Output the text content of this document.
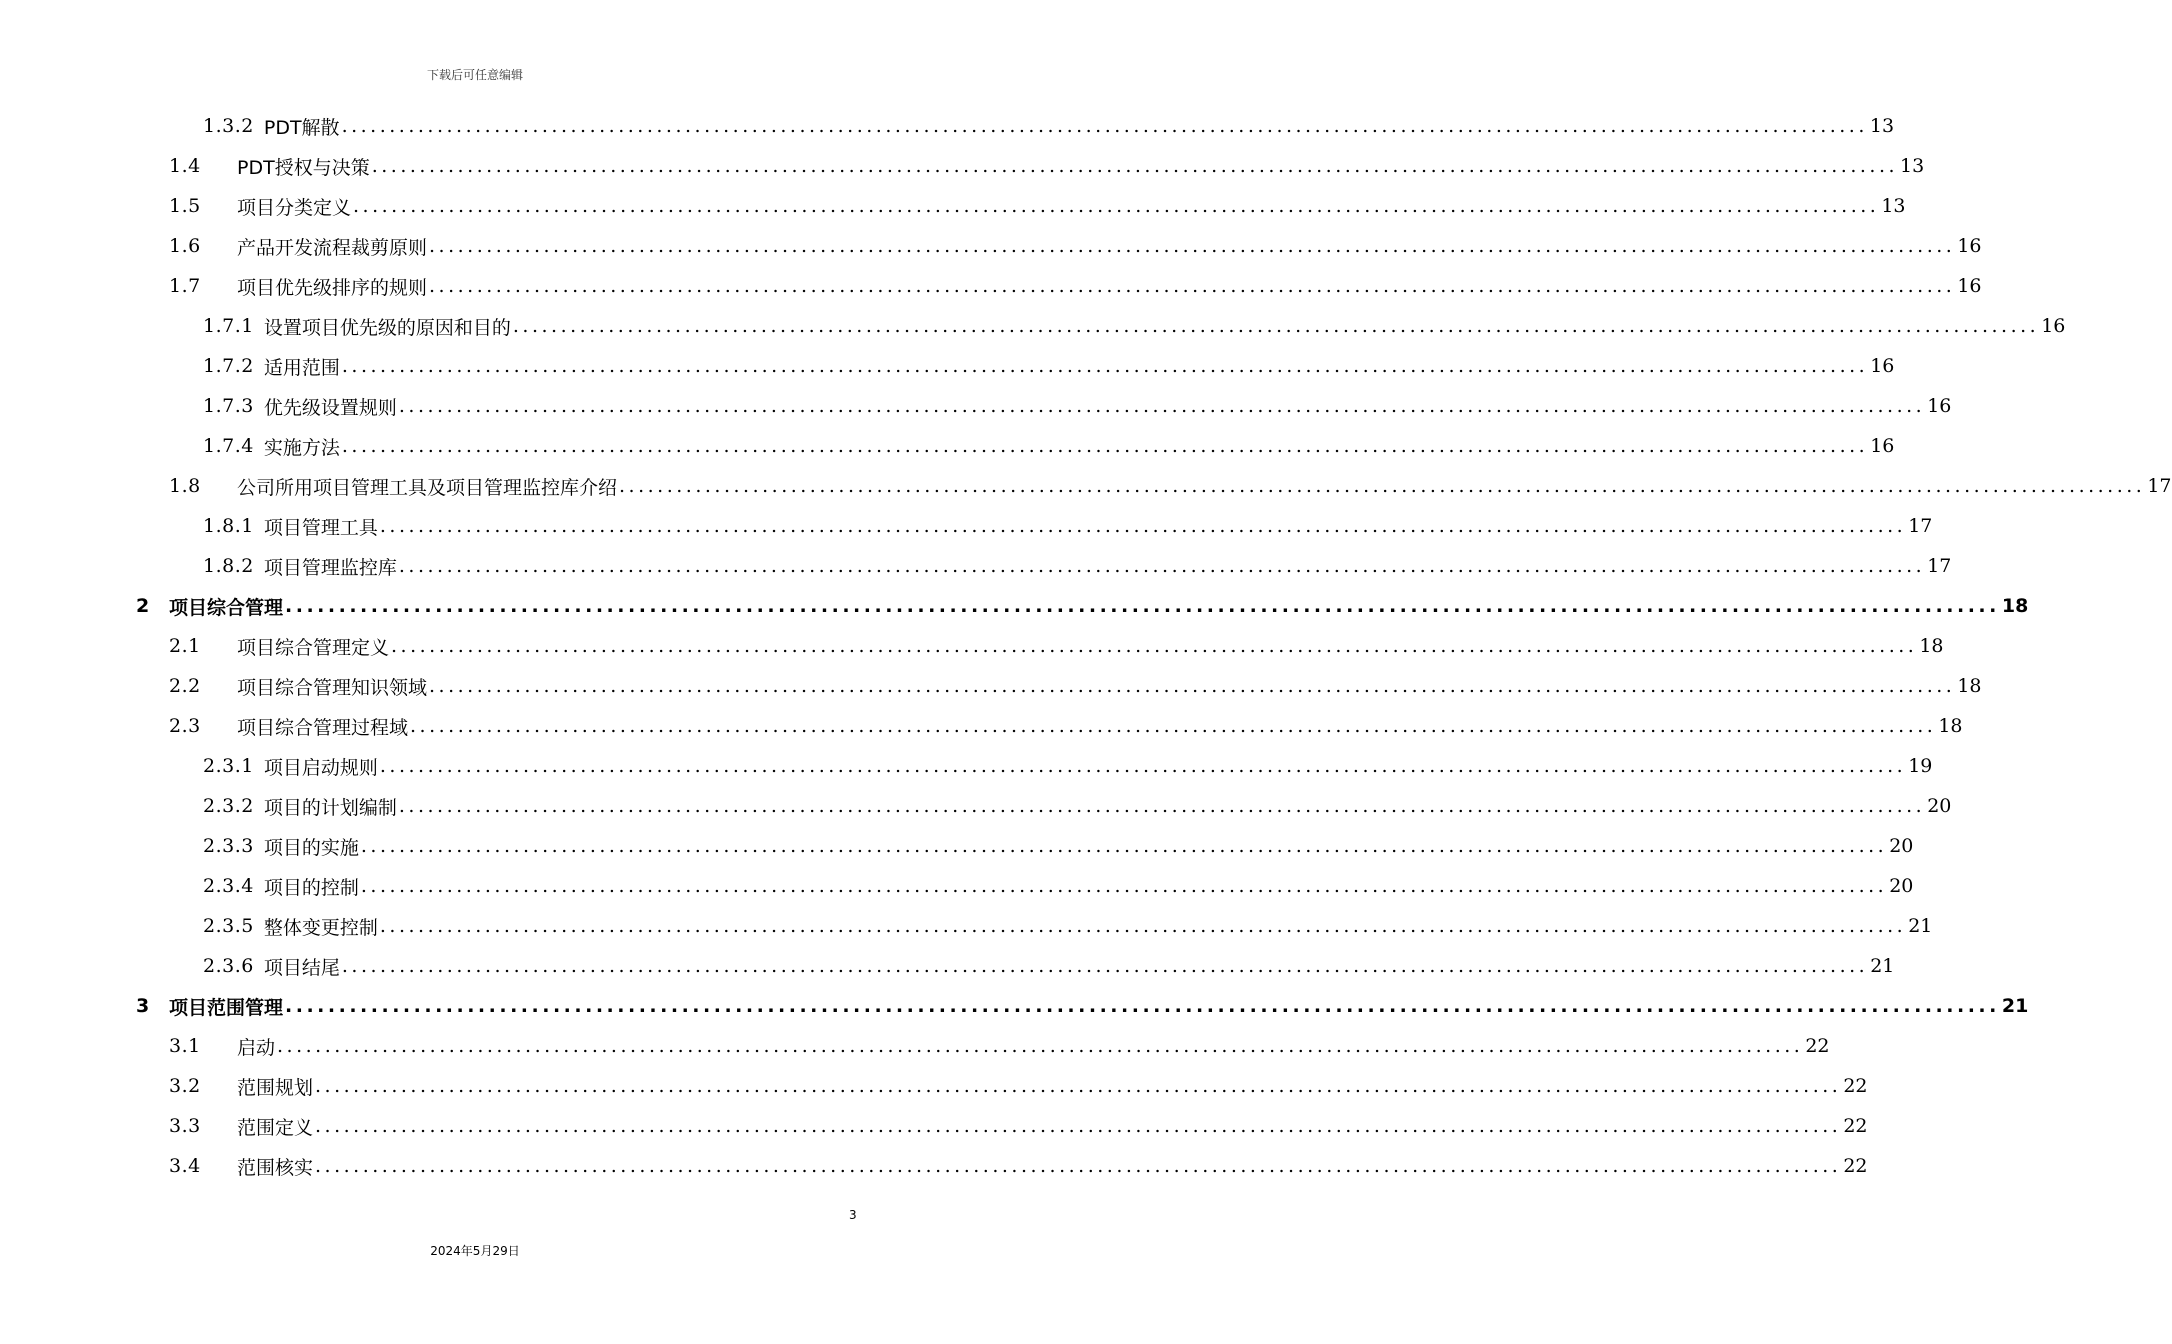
下载后可任意编辑
1.3.2 PDT解散 ................................................................................................................................................................ 13
1.4	PDT授权与决策 ................................................................................................................................................................ 13
1.5	项目分类定义 ................................................................................................................................................................ 13
1.6	产品开发流程裁剪原则 ................................................................................................................................................................ 16
1.7	项目优先级排序的规则 ................................................................................................................................................................ 16
1.7.1 设置项目优先级的原因和目的 ................................................................................................................................................................ 16
1.7.2 适用范围 ................................................................................................................................................................ 16
1.7.3 优先级设置规则 ................................................................................................................................................................ 16
1.7.4 实施方法 ................................................................................................................................................................ 16
1.8	公司所用项目管理工具及项目管理监控库介绍 ................................................................................................................................................................ 17
1.8.1 项目管理工具 ................................................................................................................................................................ 17
1.8.2 项目管理监控库 ................................................................................................................................................................ 17
2	项目综合管理 ................................................................................................................................................................ 18
2.1	项目综合管理定义 ................................................................................................................................................................ 18
2.2	项目综合管理知识领域 ................................................................................................................................................................ 18
2.3	项目综合管理过程域 ................................................................................................................................................................ 18
2.3.1 项目启动规则 ................................................................................................................................................................ 19
2.3.2 项目的计划编制 ................................................................................................................................................................ 20
2.3.3 项目的实施 ................................................................................................................................................................ 20
2.3.4 项目的控制 ................................................................................................................................................................ 20
2.3.5 整体变更控制 ................................................................................................................................................................ 21
2.3.6 项目结尾 ................................................................................................................................................................ 21
3	项目范围管理 ................................................................................................................................................................ 21
3.1	启动 ................................................................................................................................................................ 22
3.2	范围规划 ................................................................................................................................................................ 22
3.3	范围定义 ................................................................................................................................................................ 22
3.4	范围核实 ................................................................................................................................................................ 22
3
2024年5月29日
